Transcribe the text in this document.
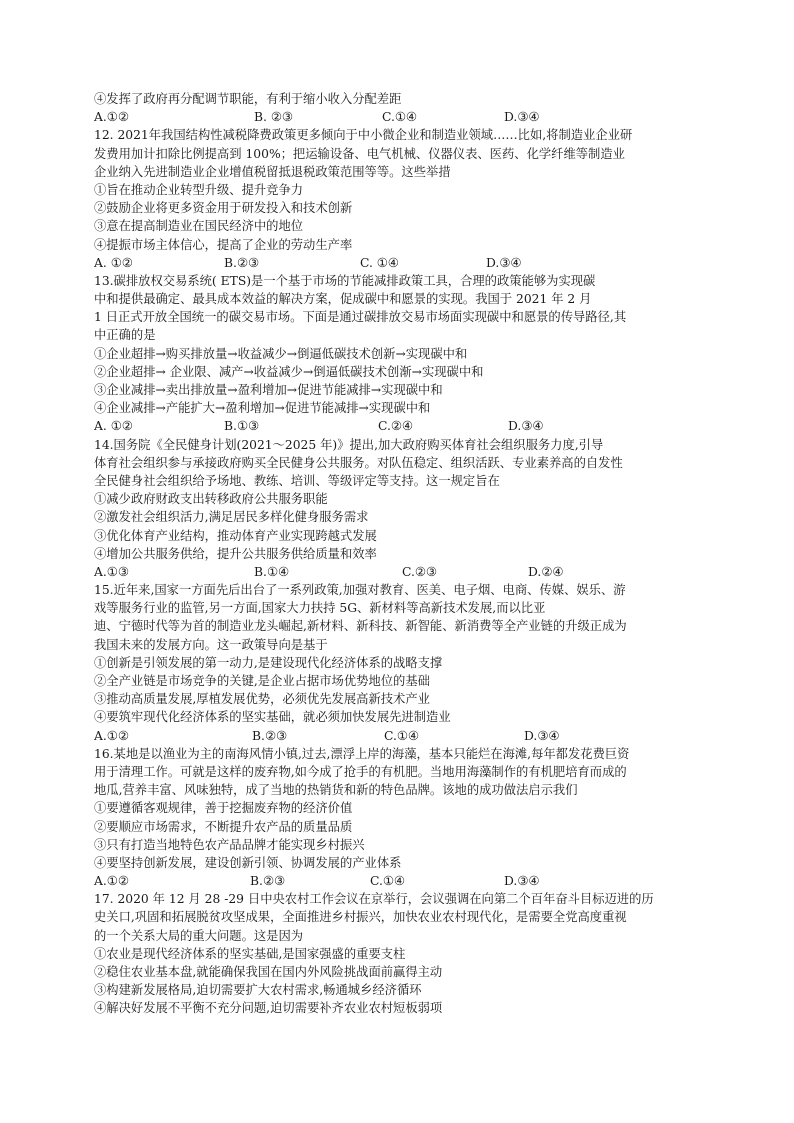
④发挥了政府再分配调节职能，有利于缩小收入分配差距
A.①②	B. ②③	C.①④	D.③④
12. 2021年我国结构性减税降费政策更多倾向于中小微企业和制造业领域……比如,将制造业企业研
发费用加计扣除比例提高到 100%；把运输设备、电气机械、仪器仪表、医药、化学纤维等制造业
企业纳入先进制造业企业增值税留抵退税政策范围等等。这些举措
①旨在推动企业转型升级、提升竞争力
②鼓励企业将更多资金用于研发投入和技术创新
③意在提高制造业在国民经济中的地位
④提振市场主体信心，提高了企业的劳动生产率
A. ①②	B.②③	C. ①④	D.③④
13.碳排放权交易系统( ETS)是一个基于市场的节能减排政策工具，合理的政策能够为实现碳
中和提供最确定、最具成本效益的解决方案，促成碳中和愿景的实现。我国于 2021 年 2 月
1 日正式开放全国统一的碳交易市场。下面是通过碳排放交易市场面实现碳中和愿景的传导路径,其
中正确的是
①企业超排→购买排放量→收益减少→倒逼低碳技术创新→实现碳中和
②企业超排→ 企业限、减产→收益减少→倒逼低碳技术创渐→实现碳中和
③企业减排→卖出排放量→盈利增加→促进节能减排→实现碳中和
④企业减排→产能扩大→盈利增加→促进节能减排→实现碳中和
A. ①②	B.①③	C.②④	D.③④
14.国务院《全民健身计划(2021～2025 年)》提出,加大政府购买体育社会组织服务力度,引导
体育社会组织参与承接政府购买全民健身公共服务。对队伍稳定、组织活跃、专业素养高的自发性
全民健身社会组织给予场地、教练、培训、等级评定等支持。这一规定旨在
①减少政府财政支出转移政府公共服务职能
②激发社会组织活力,满足居民多样化健身服务需求
③优化体育产业结构，推动体育产业实现跨越式发展
④增加公共服务供给，提升公共服务供给质量和效率
A.①③	B.①④	C.②③	D.②④
15.近年来,国家一方面先后出台了一系列政策,加强对教育、医美、电子烟、电商、传媒、娱乐、游
戏等服务行业的监管,另一方面,国家大力扶持 5G、新材料等高新技术发展,而以比亚
迪、宁德时代等为首的制造业龙头崛起,新材料、新科技、新智能、新消费等全产业链的升级正成为
我国未来的发展方向。这一政策导向是基于
①创新是引领发展的第一动力,是建设现代化经济体系的战略支撑
②全产业链是市场竞争的关键,是企业占据市场优势地位的基础
③推动高质量发展,厚植发展优势，必须优先发展高新技术产业
④要筑牢现代化经济体系的坚实基础，就必须加快发展先进制造业
A.①②	B.②③	C.①④	D.③④
16.某地是以渔业为主的南海风情小镇,过去,漂浮上岸的海藻，基本只能烂在海滩,每年都发花费巨资
用于清理工作。可就是这样的废弃物,如今成了抢手的有机肥。当地用海藻制作的有机肥培育而成的
地瓜,营养丰富、风味独特，成了当地的热销货和新的特色品牌。该地的成功做法启示我们
①要遵循客观规律，善于挖掘废弃物的经济价值
②要顺应市场需求，不断提升农产品的质量品质
③只有打造当地特色农产品品牌才能实现乡村振兴
④要坚持创新发展，建设创新引领、协调发展的产业体系
A.①②	B.②③	C.①④	D.③④
17. 2020 年 12 月 28 -29 日中央农村工作会议在京举行，会议强调在向第二个百年奋斗目标迈进的历
史关口,巩固和拓展脱贫攻坚成果，全面推进乡村振兴，加快农业农村现代化，是需要全党高度重视
的一个关系大局的重大问题。这是因为
①农业是现代经济体系的坚实基础,是国家强盛的重要支柱
②稳住农业基本盘,就能确保我国在国内外风险挑战面前赢得主动
③构建新发展格局,迫切需要扩大农村需求,畅通城乡经济循环
④解决好发展不平衡不充分问题,迫切需要补齐农业农村短板弱项
